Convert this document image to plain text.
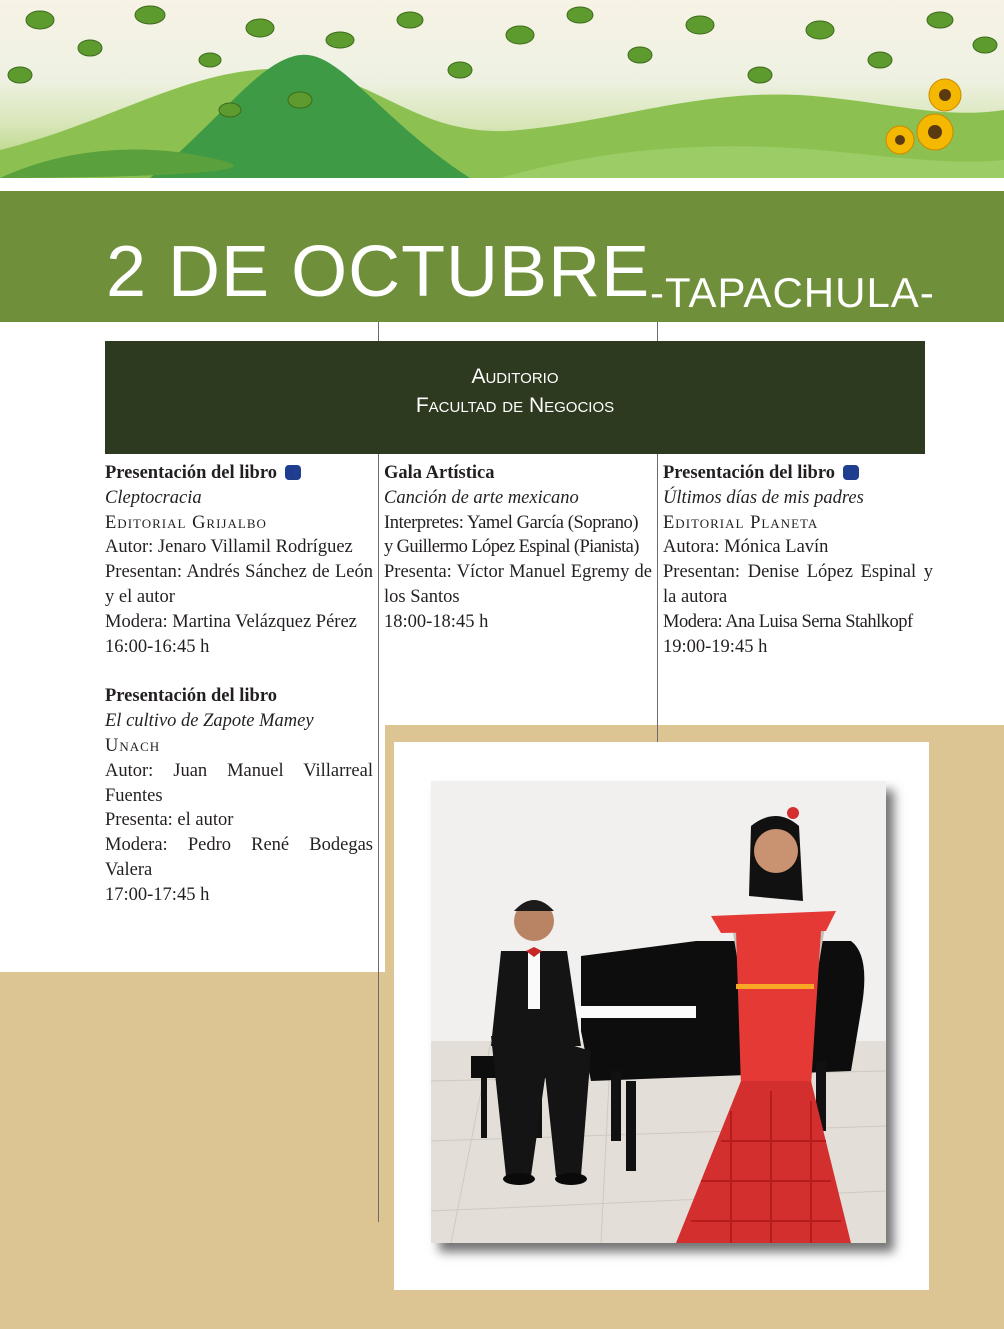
2 DE OCTUBRE -TAPACHULA-
Auditorio
Facultad de Negocios
Presentación del libro
Cleptocracia
Editorial Grijalbo
Autor: Jenaro Villamil Rodríguez
Presentan: Andrés Sánchez de León y el autor
Modera: Martina Velázquez Pérez
16:00-16:45 h
Presentación del libro
El cultivo de Zapote Mamey
Unach
Autor: Juan Manuel Villarreal Fuentes
Presenta: el autor
Modera: Pedro René Bodegas Valera
17:00-17:45 h
Gala Artística
Canción de arte mexicano
Interpretes: Yamel García (Soprano)
y Guillermo López Espinal (Pianista)
Presenta: Víctor Manuel Egremy de los Santos
18:00-18:45 h
Presentación del libro
Últimos días de mis padres
Editorial Planeta
Autora: Mónica Lavín
Presentan: Denise López Espinal y la autora
Modera: Ana Luisa Serna Stahlkopf
19:00-19:45 h
